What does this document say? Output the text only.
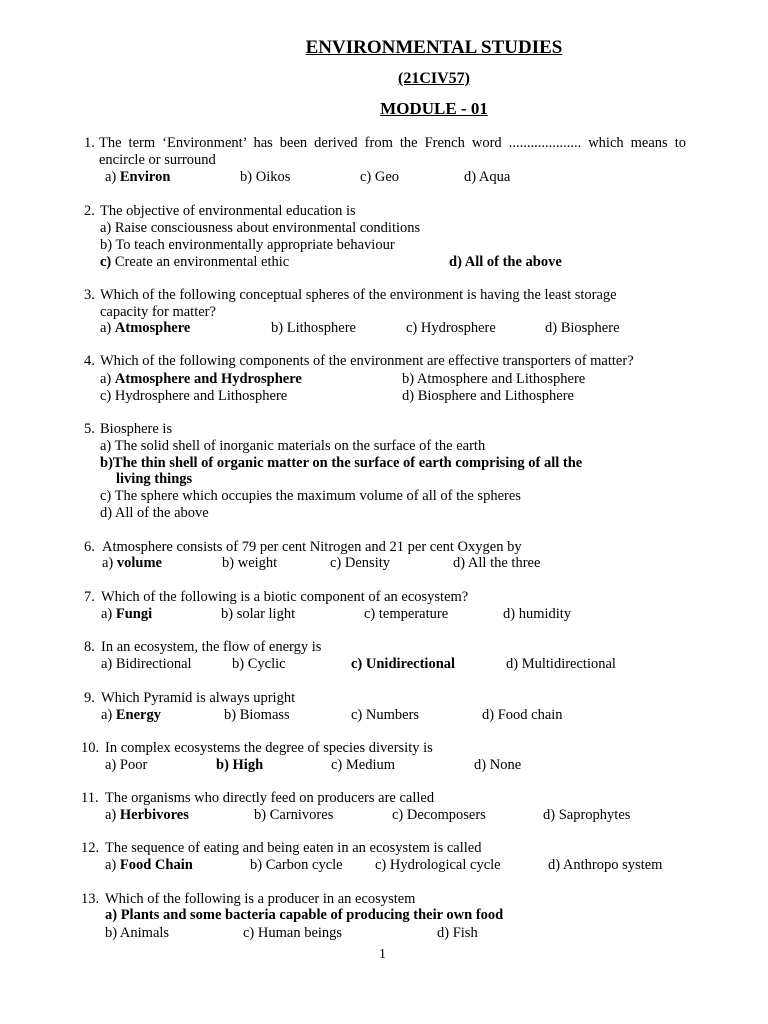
ENVIRONMENTAL STUDIES
(21CIV57)
MODULE - 01
1. The term ‘Environment’ has been derived from the French word .................... which means to
encircle or surround
a) Environ	b) Oikos	c) Geo	d) Aqua
2. The objective of environmental education is
a) Raise consciousness about environmental conditions
b) To teach environmentally appropriate behaviour
c) Create an environmental ethic	d) All of the above
3. Which of the following conceptual spheres of the environment is having the least storage
capacity for matter?
a) Atmosphere	b) Lithosphere	c) Hydrosphere	d) Biosphere
4. Which of the following components of the environment are effective transporters of matter?
a) Atmosphere and Hydrosphere	b) Atmosphere and Lithosphere
c) Hydrosphere and Lithosphere	d) Biosphere and Lithosphere
5. Biosphere is
a) The solid shell of inorganic materials on the surface of the earth
b)The thin shell of organic matter on the surface of earth comprising of all the
living things
c) The sphere which occupies the maximum volume of all of the spheres
d) All of the above
6. Atmosphere consists of 79 per cent Nitrogen and 21 per cent Oxygen by
a) volume	b) weight	c) Density	d) All the three
7. Which of the following is a biotic component of an ecosystem?
a) Fungi	b) solar light	c) temperature	d) humidity
8. In an ecosystem, the flow of energy is
a) Bidirectional	b) Cyclic	c) Unidirectional	d) Multidirectional
9. Which Pyramid is always upright
a) Energy	b) Biomass	c) Numbers	d) Food chain
10. In complex ecosystems the degree of species diversity is
a) Poor	b) High	c) Medium	d) None
11. The organisms who directly feed on producers are called
a) Herbivores	b) Carnivores	c) Decomposers	d) Saprophytes
12. The sequence of eating and being eaten in an ecosystem is called
a) Food Chain	b) Carbon cycle c) Hydrological cycle	d) Anthropo system
13. Which of the following is a producer in an ecosystem
a) Plants and some bacteria capable of producing their own food
b) Animals	c) Human beings	d) Fish
1
